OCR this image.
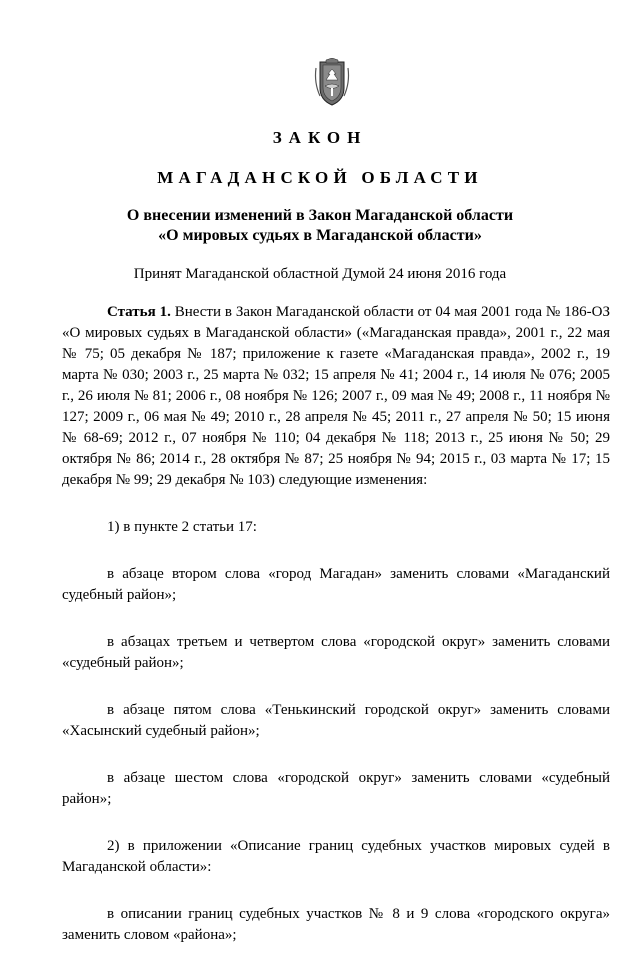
ЗАКОН
МАГАДАНСКОЙ ОБЛАСТИ
О внесении изменений в Закон Магаданской области
«О мировых судьях в Магаданской области»
Принят Магаданской областной Думой 24 июня 2016 года

Статья 1. Внести в Закон Магаданской области от 04 мая 2001 года № 186-ОЗ «О мировых судьях в Магаданской области» («Магаданская правда», 2001 г., 22 мая № 75; 05 декабря № 187; приложение к газете «Магаданская правда», 2002 г., 19 марта № 030; 2003 г., 25 марта № 032; 15 апреля № 41; 2004 г., 14 июля № 076; 2005 г., 26 июля № 81; 2006 г., 08 ноября № 126; 2007 г., 09 мая № 49; 2008 г., 11 ноября № 127; 2009 г., 06 мая № 49; 2010 г., 28 апреля № 45; 2011 г., 27 апреля № 50; 15 июня № 68-69; 2012 г., 07 ноября № 110; 04 декабря № 118; 2013 г., 25 июня № 50; 29 октября № 86; 2014 г., 28 октября № 87; 25 ноября № 94; 2015 г., 03 марта № 17; 15 декабря № 99; 29 декабря № 103) следующие изменения:

1) в пункте 2 статьи 17:

в абзаце втором слова «город Магадан» заменить словами «Магаданский судебный район»;

в абзацах третьем и четвертом слова «городской округ» заменить словами «судебный район»;

в абзаце пятом слова «Тенькинский городской округ» заменить словами «Хасынский судебный район»;

в абзаце шестом слова «городской округ» заменить словами «судебный район»;

2) в приложении «Описание границ судебных участков мировых судей в Магаданской области»:

в описании границ судебных участков № 8 и 9 слова «городского округа» заменить словом «района»;
